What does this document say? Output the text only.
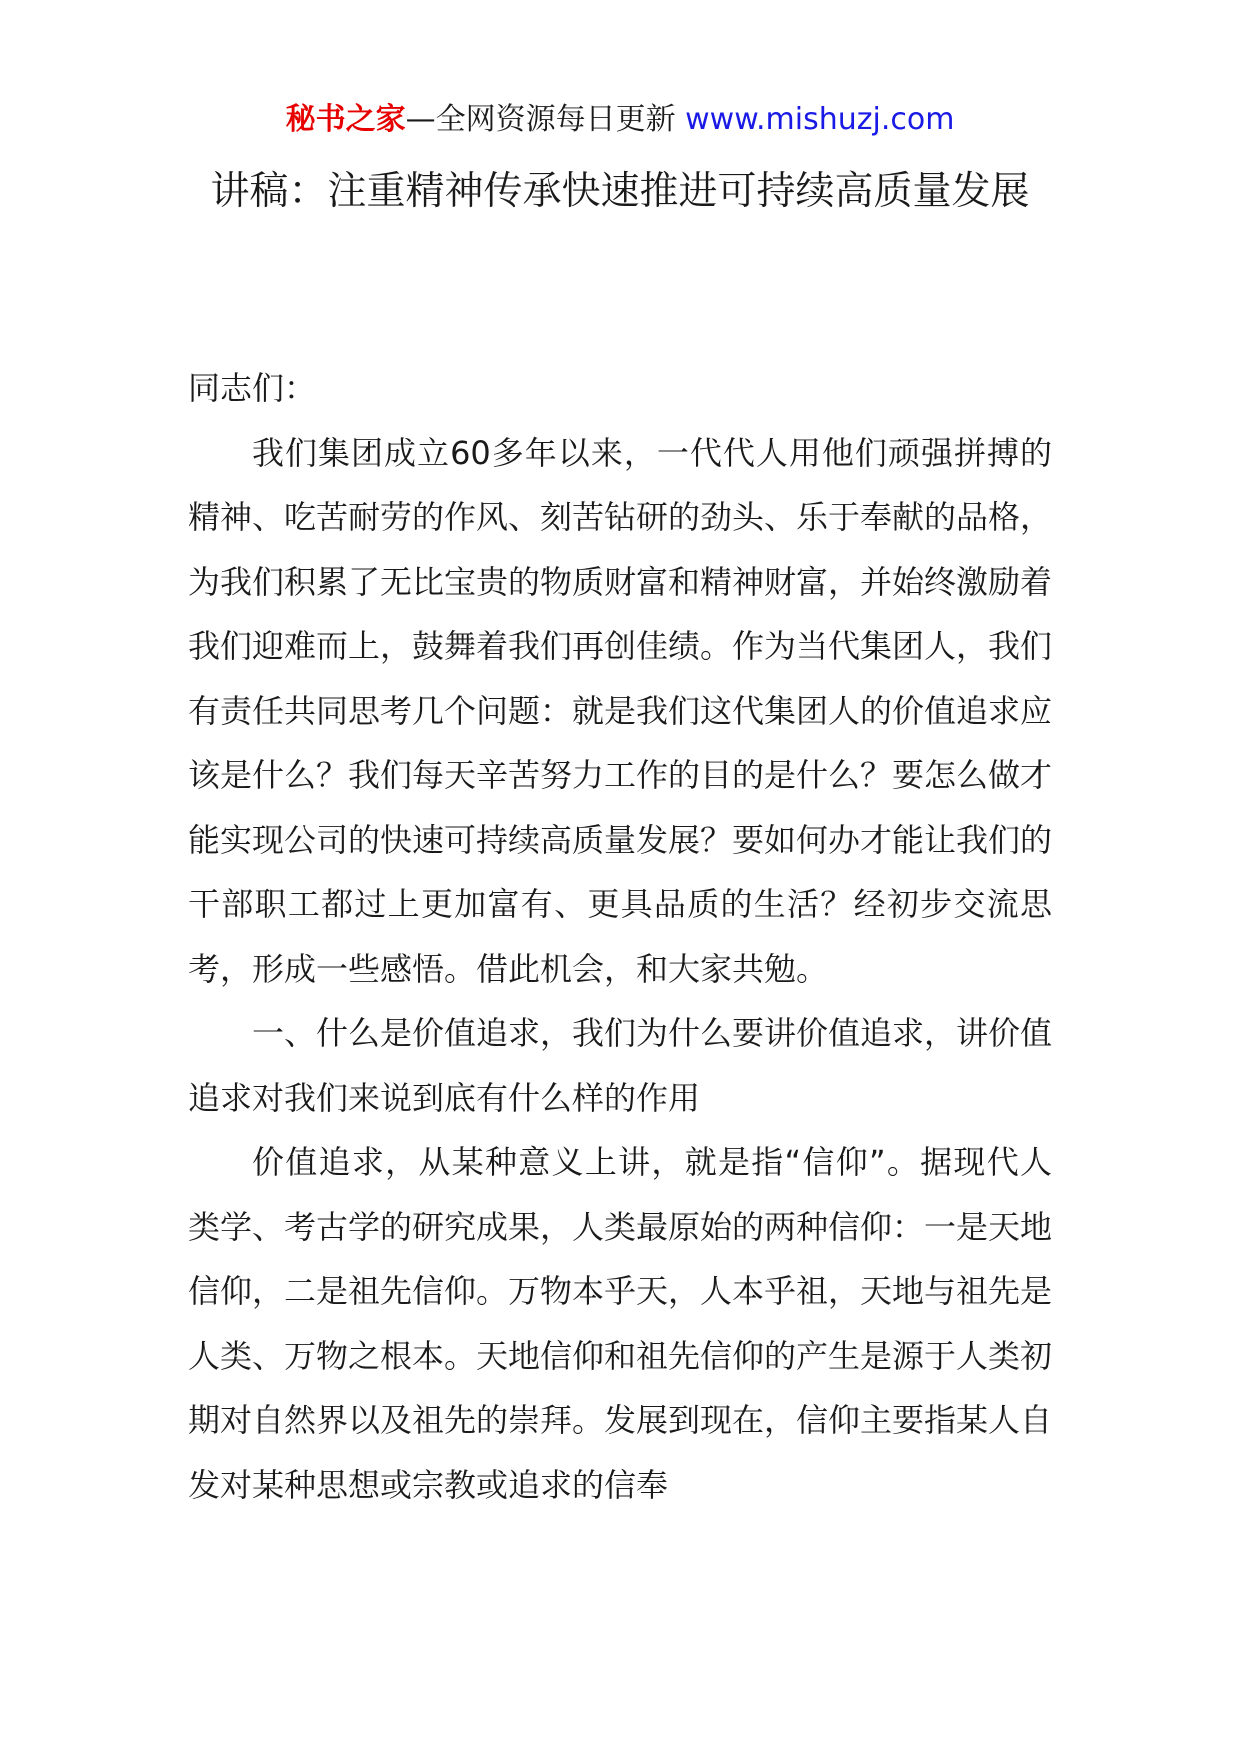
秘书之家—全网资源每日更新 www.mishuzj.com
讲稿：注重精神传承快速推进可持续高质量发展

同志们：

我们集团成立60多年以来，一代代人用他们顽强拼搏的精神、吃苦耐劳的作风、刻苦钻研的劲头、乐于奉献的品格，为我们积累了无比宝贵的物质财富和精神财富，并始终激励着我们迎难而上，鼓舞着我们再创佳绩。作为当代集团人，我们有责任共同思考几个问题：就是我们这代集团人的价值追求应该是什么？我们每天辛苦努力工作的目的是什么？要怎么做才能实现公司的快速可持续高质量发展？要如何办才能让我们的干部职工都过上更加富有、更具品质的生活？经初步交流思考，形成一些感悟。借此机会，和大家共勉。

一、什么是价值追求，我们为什么要讲价值追求，讲价值追求对我们来说到底有什么样的作用

价值追求，从某种意义上讲，就是指“信仰”。据现代人类学、考古学的研究成果，人类最原始的两种信仰：一是天地信仰，二是祖先信仰。万物本乎天，人本乎祖，天地与祖先是人类、万物之根本。天地信仰和祖先信仰的产生是源于人类初期对自然界以及祖先的崇拜。发展到现在，信仰主要指某人自发对某种思想或宗教或追求的信奉
